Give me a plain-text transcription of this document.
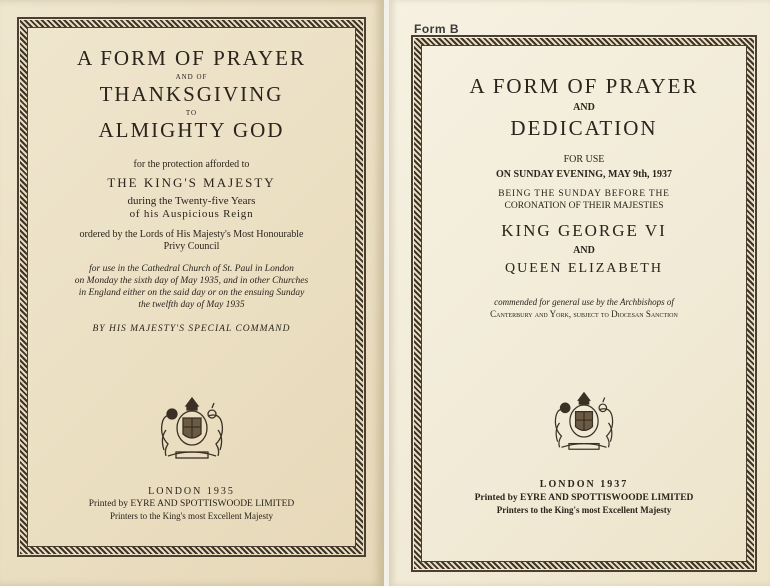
A FORM OF PRAYER
AND OF
THANKSGIVING
TO
ALMIGHTY GOD
for the protection afforded to
THE KING'S MAJESTY
during the Twenty-five Years
of his Auspicious Reign
ordered by the Lords of His Majesty's Most Honourable
Privy Council
for use in the Cathedral Church of St. Paul in London
on Monday the sixth day of May 1935, and in other Churches
in England either on the said day or on the ensuing Sunday
the twelfth day of May 1935
BY HIS MAJESTY'S SPECIAL COMMAND
LONDON 1935
Printed by EYRE AND SPOTTISWOODE LIMITED
Printers to the King's most Excellent Majesty
A FORM OF PRAYER
AND
DEDICATION
FOR USE
ON SUNDAY EVENING, MAY 9th, 1937
BEING THE SUNDAY BEFORE THE
CORONATION OF THEIR MAJESTIES
KING GEORGE VI
AND
QUEEN ELIZABETH
commended for general use by the Archbishops of
Canterbury and York, subject to Diocesan Sanction
LONDON 1937
Printed by EYRE AND SPOTTISWOODE LIMITED
Printers to the King's most Excellent Majesty
Form B
